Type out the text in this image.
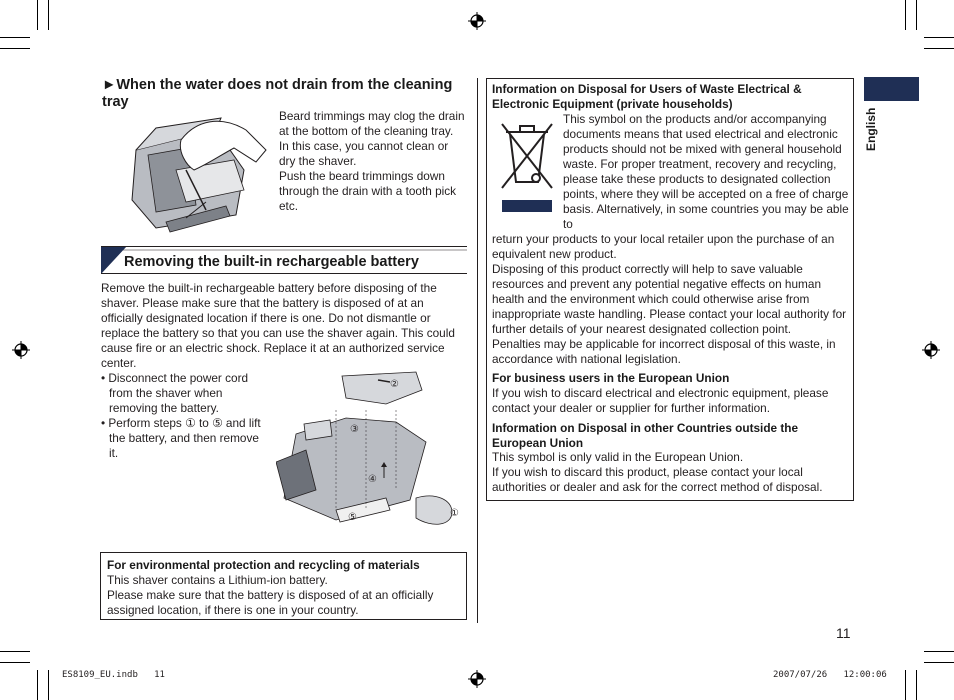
►When the water does not drain from the cleaning tray
Beard trimmings may clog the drain at the bottom of the cleaning tray.
In this case, you cannot clean or dry the shaver.
Push the beard trimmings down through the drain with a tooth pick etc.
Removing the built-in rechargeable battery
Remove the built-in rechargeable battery before disposing of the shaver. Please make sure that the battery is disposed of at an officially designated location if there is one. Do not dismantle or replace the battery so that you can use the shaver again. This could cause fire or an electric shock. Replace it at an authorized service center.
• Disconnect the power cord from the shaver when removing the battery.
• Perform steps ① to ⑤ and lift the battery, and then remove it.
②
③
④
⑤	①
For environmental protection and recycling of materials
This shaver contains a Lithium-ion battery.
Please make sure that the battery is disposed of at an officially assigned location, if there is one in your country.
Information on Disposal for Users of Waste Electrical & Electronic Equipment (private households)
This symbol on the products and/or accompanying documents means that used electrical and electronic products should not be mixed with general household waste. For proper treatment, recovery and recycling, please take these products to designated collection points, where they will be accepted on a free of charge basis. Alternatively, in some countries you may be able to
return your products to your local retailer upon the purchase of an equivalent new product.
Disposing of this product correctly will help to save valuable resources and prevent any potential negative effects on human health and the environment which could otherwise arise from inappropriate waste handling. Please contact your local authority for further details of your nearest designated collection point.
Penalties may be applicable for incorrect disposal of this waste, in accordance with national legislation.
For business users in the European Union
If you wish to discard electrical and electronic equipment, please contact your dealer or supplier for further information.
Information on Disposal in other Countries outside the European Union
This symbol is only valid in the European Union.
If you wish to discard this product, please contact your local authorities or dealer and ask for the correct method of disposal.
English
11
ES8109_EU.indb   11	2007/07/26   12:00:06
